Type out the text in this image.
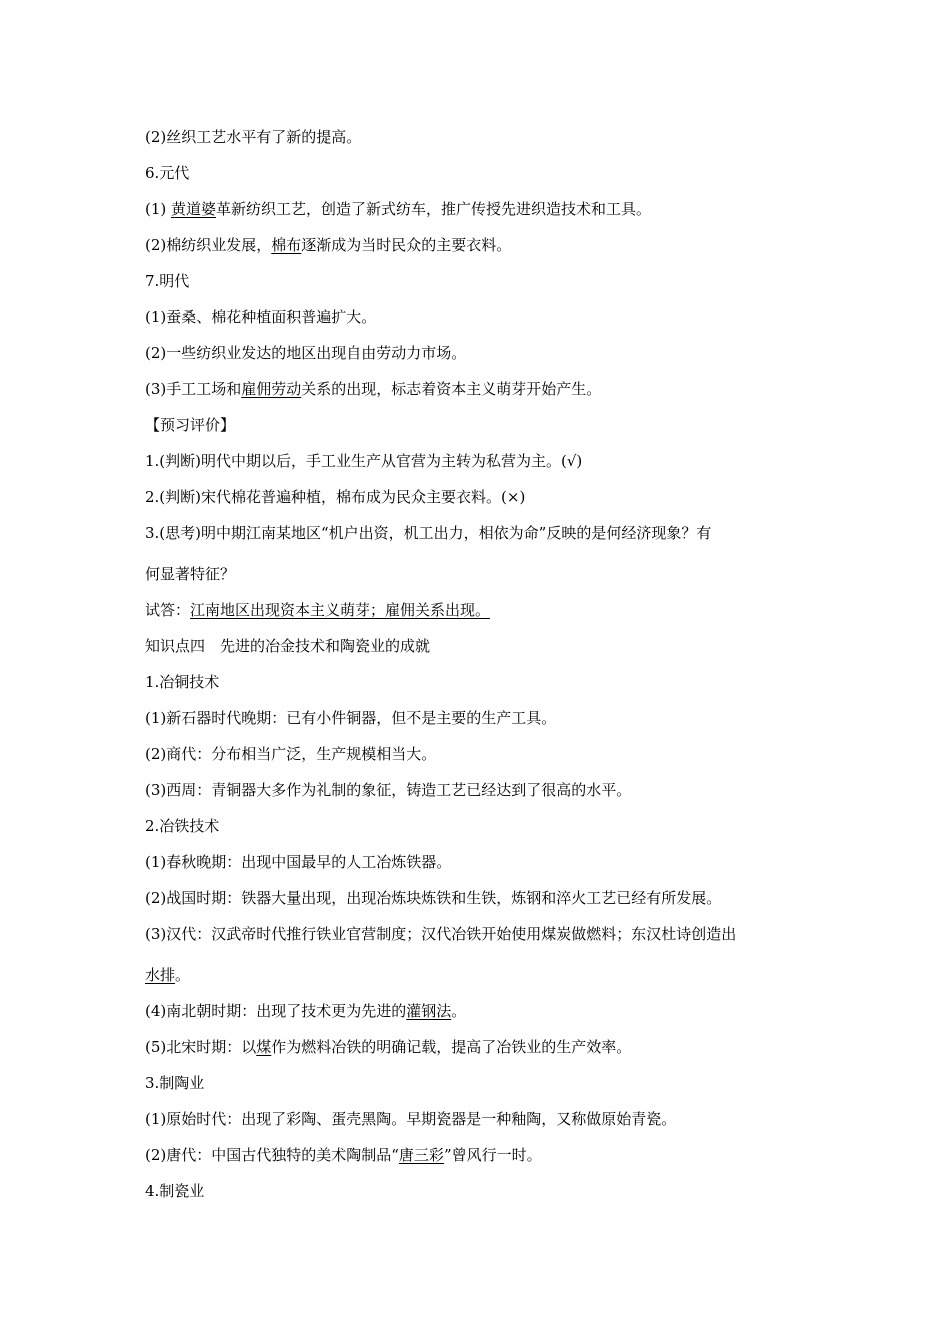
(2)丝织工艺水平有了新的提高。
6.元代
(1) 黄道婆革新纺织工艺，创造了新式纺车，推广传授先进织造技术和工具。
(2)棉纺织业发展，棉布逐渐成为当时民众的主要衣料。
7.明代
(1)蚕桑、棉花种植面积普遍扩大。
(2)一些纺织业发达的地区出现自由劳动力市场。
(3)手工工场和雇佣劳动关系的出现，标志着资本主义萌芽开始产生。
【预习评价】
1.(判断)明代中期以后，手工业生产从官营为主转为私营为主。(√)
2.(判断)宋代棉花普遍种植，棉布成为民众主要衣料。(×)
3.(思考)明中期江南某地区“机户出资，机工出力，相依为命”反映的是何经济现象？有
何显著特征？
试答：江南地区出现资本主义萌芽；雇佣关系出现。
知识点四　先进的冶金技术和陶瓷业的成就
1.冶铜技术
(1)新石器时代晚期：已有小件铜器，但不是主要的生产工具。
(2)商代：分布相当广泛，生产规模相当大。
(3)西周：青铜器大多作为礼制的象征，铸造工艺已经达到了很高的水平。
2.冶铁技术
(1)春秋晚期：出现中国最早的人工冶炼铁器。
(2)战国时期：铁器大量出现，出现冶炼块炼铁和生铁，炼钢和淬火工艺已经有所发展。
(3)汉代：汉武帝时代推行铁业官营制度；汉代冶铁开始使用煤炭做燃料；东汉杜诗创造出
水排。
(4)南北朝时期：出现了技术更为先进的灌钢法。
(5)北宋时期：以煤作为燃料冶铁的明确记载，提高了冶铁业的生产效率。
3.制陶业
(1)原始时代：出现了彩陶、蛋壳黑陶。早期瓷器是一种釉陶，又称做原始青瓷。
(2)唐代：中国古代独特的美术陶制品“唐三彩”曾风行一时。
4.制瓷业
